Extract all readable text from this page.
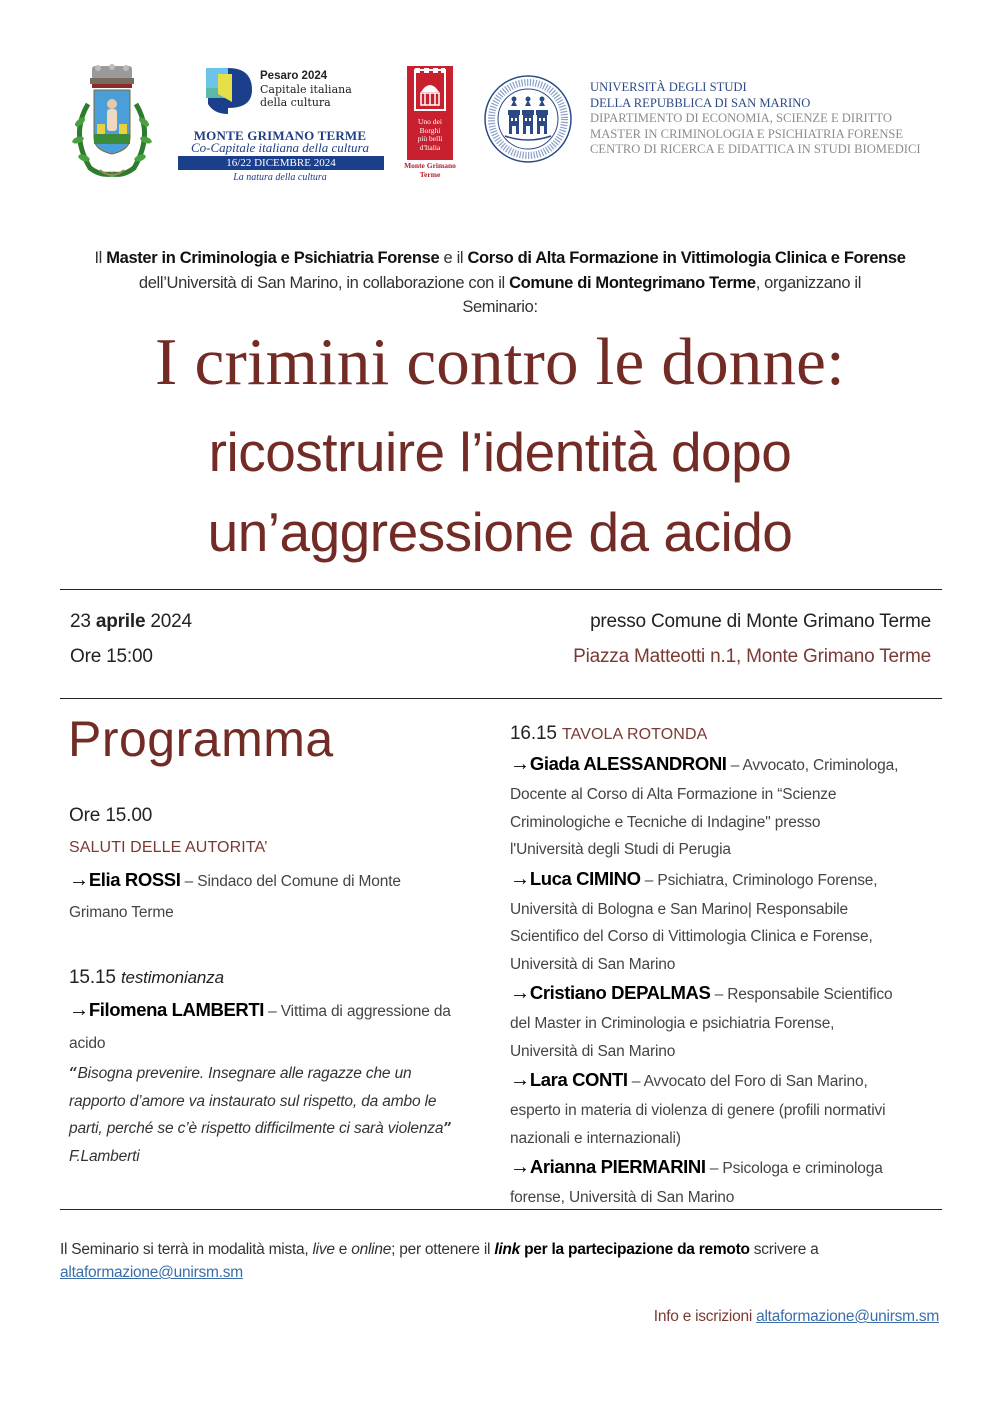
Pesaro 2024
Capitale italiana
della cultura
MONTE GRIMANO TERME
Co-Capitale italiana della cultura
16/22 DICEMBRE 2024
La natura della cultura
Uno dei
Borghi
più belli
d'Italia
Monte Grimano
Terme
UNIVERSITÀ DEGLI STUDI
DELLA REPUBBLICA DI SAN MARINO
DIPARTIMENTO DI ECONOMIA, SCIENZE E DIRITTO
MASTER IN CRIMINOLOGIA E PSICHIATRIA FORENSE
CENTRO DI RICERCA E DIDATTICA IN STUDI BIOMEDICI
Il Master in Criminologia e Psichiatria Forense e il Corso di Alta Formazione in Vittimologia Clinica e Forense
dell’Università di San Marino, in collaborazione con il Comune di Montegrimano Terme, organizzano il
Seminario:
I crimini contro le donne:
ricostruire l’identità dopo
un’aggressione da acido
23 aprile 2024
Ore 15:00
presso Comune di Monte Grimano Terme
Piazza Matteotti n.1, Monte Grimano Terme
Programma
Ore 15.00
SALUTI DELLE AUTORITA’
→Elia ROSSI – Sindaco del Comune di Monte
Grimano Terme
15.15 testimonianza
→Filomena LAMBERTI – Vittima di aggressione da
acido
“Bisogna prevenire. Insegnare alle ragazze che un
rapporto d’amore va instaurato sul rispetto, da ambo le
parti, perché se c’è rispetto difficilmente ci sarà violenza”
F.Lamberti
16.15 TAVOLA ROTONDA
→Giada ALESSANDRONI – Avvocato, Criminologa,
Docente al Corso di Alta Formazione in “Scienze
Criminologiche e Tecniche di Indagine" presso
l'Università degli Studi di Perugia
→Luca CIMINO – Psichiatra, Criminologo Forense,
Università di Bologna e San Marino| Responsabile
Scientifico del Corso di Vittimologia Clinica e Forense,
Università di San Marino
→Cristiano DEPALMAS – Responsabile Scientifico
del Master in Criminologia e psichiatria Forense,
Università di San Marino
→Lara CONTI – Avvocato del Foro di San Marino,
esperto in materia di violenza di genere (profili normativi
nazionali e internazionali)
→Arianna PIERMARINI – Psicologa e criminologa
forense, Università di San Marino
Il Seminario si terrà in modalità mista, live e online; per ottenere il link per la partecipazione da remoto scrivere a
altaformazione@unirsm.sm
Info e iscrizioni altaformazione@unirsm.sm
